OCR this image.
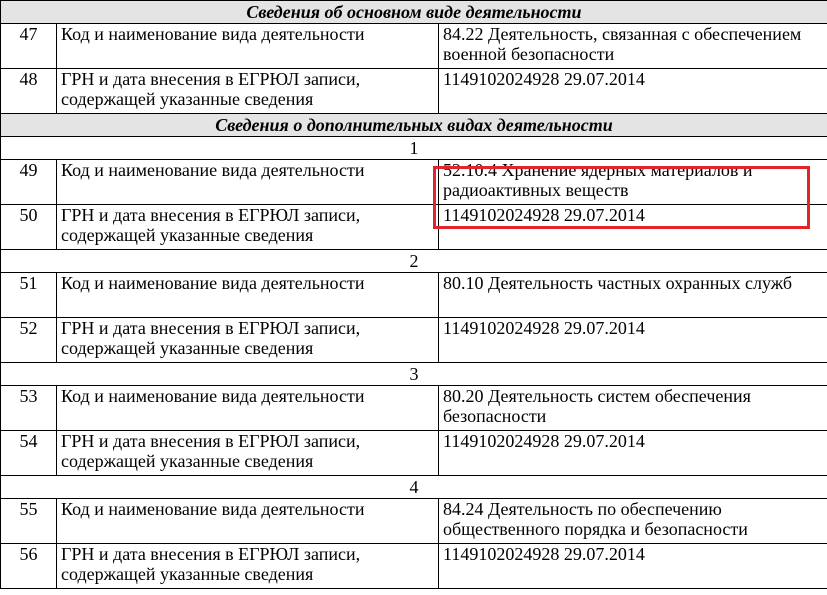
Сведения об основном виде деятельности		
47	Код и наименование вида деятельности	84.22 Деятельность, связанная с обеспечением военной безопасности
48	ГРН и дата внесения в ЕГРЮЛ записи, содержащей указанные сведения	1149102024928 29.07.2014
Сведения о дополнительных видах деятельности		
1		
49	Код и наименование вида деятельности	52.10.4 Хранение ядерных материалов и радиоактивных веществ
50	ГРН и дата внесения в ЕГРЮЛ записи, содержащей указанные сведения	1149102024928 29.07.2014
2		
51	Код и наименование вида деятельности	80.10 Деятельность частных охранных служб
52	ГРН и дата внесения в ЕГРЮЛ записи, содержащей указанные сведения	1149102024928 29.07.2014
3		
53	Код и наименование вида деятельности	80.20 Деятельность систем обеспечения безопасности
54	ГРН и дата внесения в ЕГРЮЛ записи, содержащей указанные сведения	1149102024928 29.07.2014
4		
55	Код и наименование вида деятельности	84.24 Деятельность по обеспечению общественного порядка и безопасности
56	ГРН и дата внесения в ЕГРЮЛ записи, содержащей указанные сведения	1149102024928 29.07.2014
